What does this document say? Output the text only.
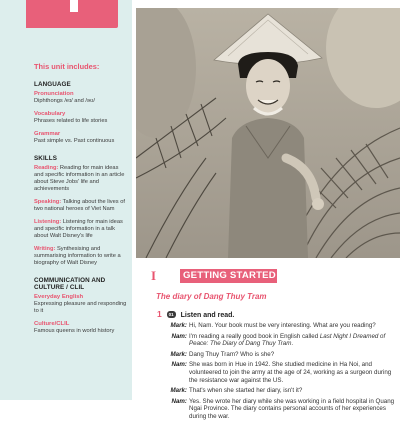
This unit includes:
LANGUAGE
Pronunciation
Diphthongs /eɪ/ and /əʊ/
Vocabulary
Phrases related to life stories
Grammar
Past simple vs. Past continuous
SKILLS
Reading: Reading for main ideas and specific information in an article about Steve Jobs' life and achievements
Speaking: Talking about the lives of two national heroes of Viet Nam
Listening: Listening for main ideas and specific information in a talk about Walt Disney's life
Writing: Synthesising and summarising information to write a biography of Walt Disney
COMMUNICATION AND CULTURE / CLIL
Everyday English
Expressing pleasure and responding to it
Culture/CLIL
Famous queens in world history
I	GETTING STARTED
The diary of Dang Thuy Tram
1 01 Listen and read.
Mark: Hi, Nam. Your book must be very interesting. What are you reading?
Nam: I'm reading a really good book in English called Last Night I Dreamed of Peace: The Diary of Dang Thuy Tram.
Mark: Dang Thuy Tram? Who is she?
Nam: She was born in Hue in 1942. She studied medicine in Ha Noi, and volunteered to join the army at the age of 24, working as a surgeon during the resistance war against the US.
Mark: That's when she started her diary, isn't it?
Nam: Yes. She wrote her diary while she was working in a field hospital in Quang Ngai Province. The diary contains personal accounts of her experiences during the war.
